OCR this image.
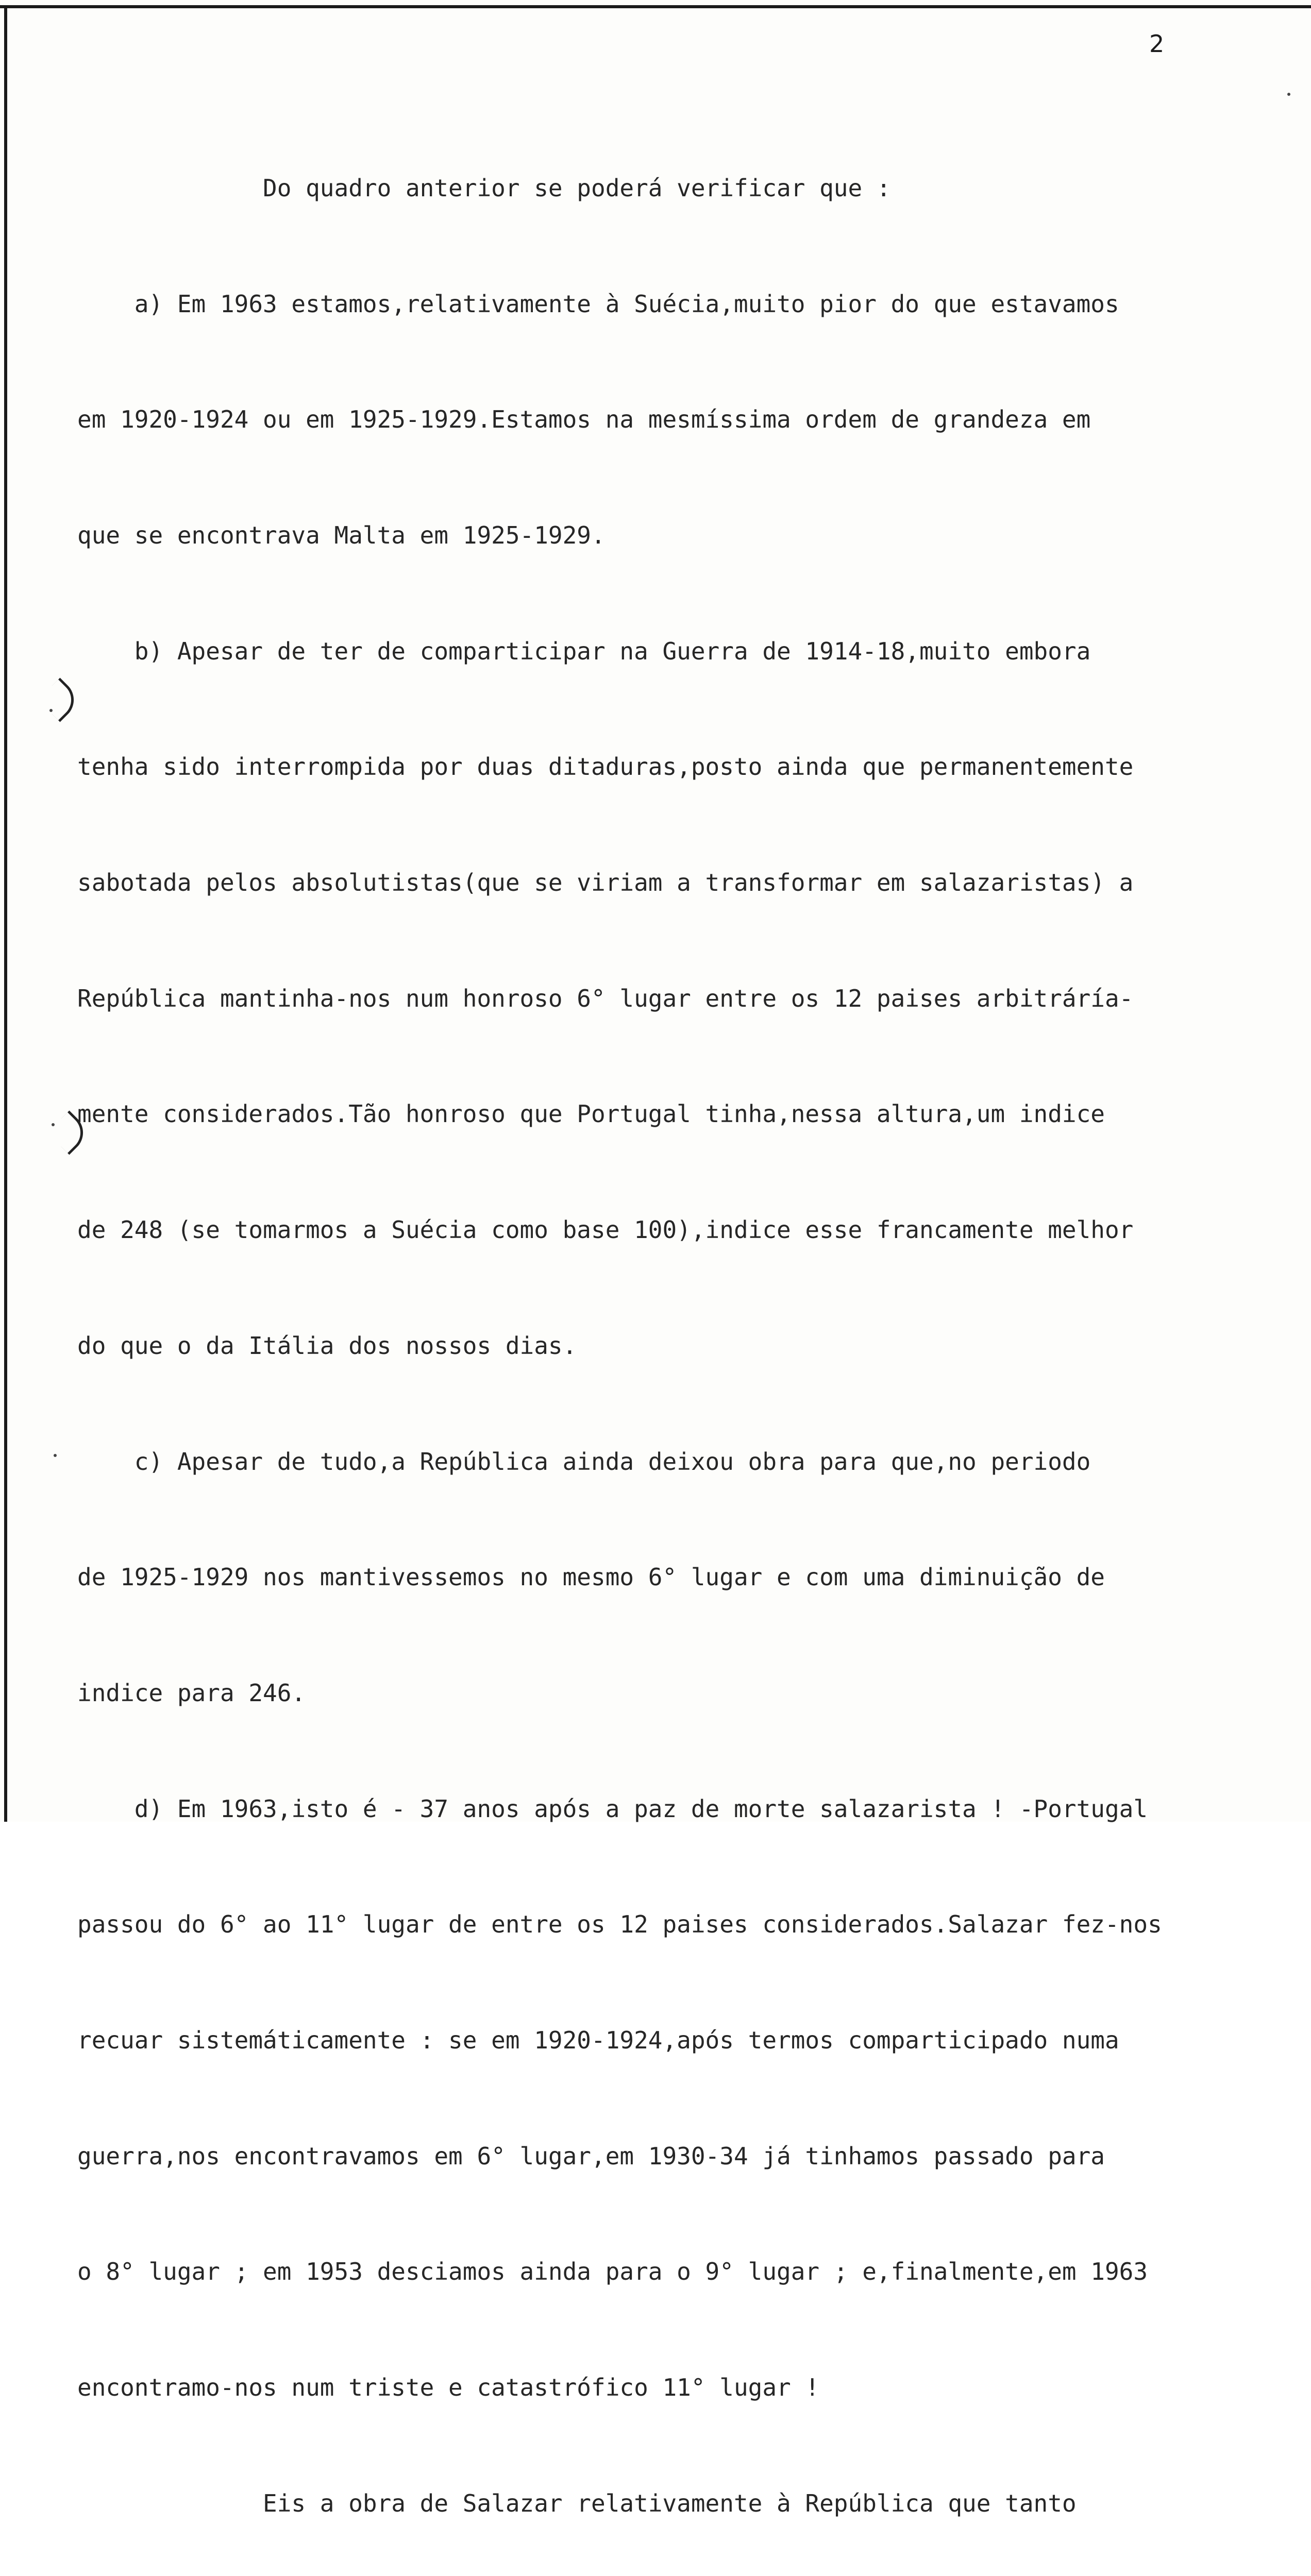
2

Do quadro anterior se poderá verificar que :

a) Em 1963 estamos,relativamente à Suécia,muito pior do que estavamos

em 1920-1924 ou em 1925-1929.Estamos na mesmíssima ordem de grandeza em

que se encontrava Malta em 1925-1929.

b) Apesar de ter de comparticipar na Guerra de 1914-18,muito embora

tenha sido interrompida por duas ditaduras,posto ainda que permanentemente

sabotada pelos absolutistas(que se viriam a transformar em salazaristas) a

República mantinha-nos num honroso 6° lugar entre os 12 paises arbitráría-

mente considerados.Tão honroso que Portugal tinha,nessa altura,um indice

de 248 (se tomarmos a Suécia como base 100),indice esse francamente melhor

do que o da Itália dos nossos dias.

c) Apesar de tudo,a República ainda deixou obra para que,no periodo

de 1925-1929 nos mantivessemos no mesmo 6° lugar e com uma diminuição de

indice para 246.

d) Em 1963,isto é - 37 anos após a paz de morte salazarista ! -Portugal

passou do 6° ao 11° lugar de entre os 12 paises considerados.Salazar fez-nos

recuar sistemáticamente : se em 1920-1924,após termos comparticipado numa

guerra,nos encontravamos em 6° lugar,em 1930-34 já tinhamos passado para

o 8° lugar ; em 1953 desciamos ainda para o 9° lugar ; e,finalmente,em 1963

encontramo-nos num triste e catastrófico 11° lugar !

Eis a obra de Salazar relativamente à República que tanto
